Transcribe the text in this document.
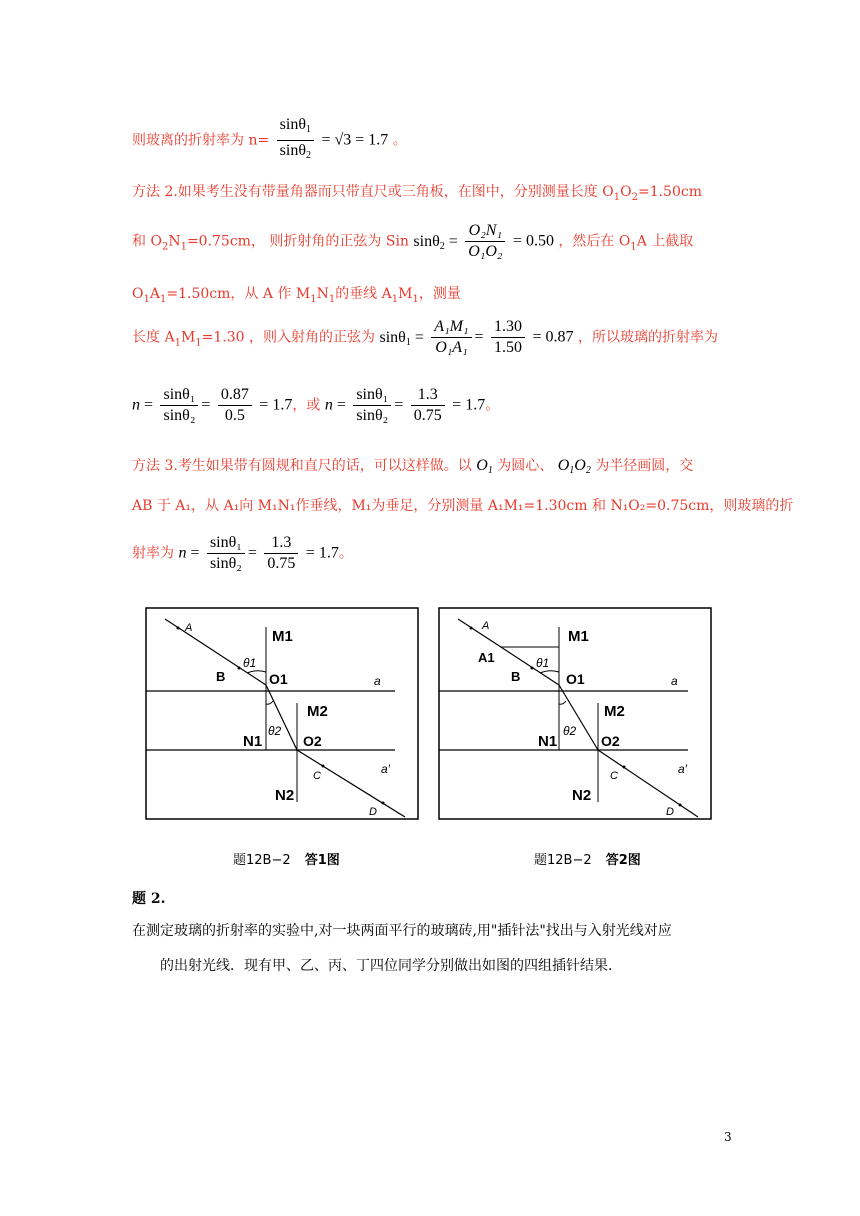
则玻离的折射率为 $n= \frac{\sin\theta_1}{\sin\theta_2} = √3 = 1.7$ 。
方法 2.如果考生没有带量角器而只带直尺或三角板，在图中，分别测量长度 $O_1O_2=1.50cm$
和 $O_2N_1=0.75cm$， 则折射角的正弦为 Sin $\sin\theta_2 = \frac{\text{O₂N₁}}{\text{O₁O₂}} = 0.50$ ，然后在 $O_1A$ 上截取
$O_1A_1=1.50cm$，从 A 作 $M_1N_1$的垂线 $A_1M_1$，测量
长度 $A_1M_1=1.30$ ，则入射角的正弦为 $\sin\theta_1 = \frac{\text{A₁M₁}}{\text{O₁A₁}} = \frac{1.30}{1.50} = 0.87$ ，所以玻璃的折射率为
$n = \frac{\text{sinθ₁}}{\text{sinθ₂}} = \frac{0.87}{0.5} = 1.7$，或 $n = \frac{\text{sinθ₁}}{\text{sinθ₂}} = \frac{1.3}{0.75} = 1.7$。
方法 3.考生如果带有圆规和直尺的话，可以这样做。以 $O_1$ 为圆心、 $O_1O_2$ 为半径画圆，交
AB 于 A₁，从 A₁向 M₁N₁作垂线，M₁为垂足，分别测量 A₁M₁=1.30cm 和 N₁O₂=0.75cm，则玻璃的折
射率为 $n = \frac{\text{sinθ₁}}{\text{sinθ₂}} = \frac{1.3}{0.75} = 1.7$。
A
B
M1
θ1
O1	a
M2
N1
θ2
O2
a′
C
N2
D
A
A1
B
M1
θ1
O1	a
M2
N1
θ2
O2
a′
C
N2
D
题12B−2 答1图	题12B−2 答2图
题 2.
在测定玻璃的折射率的实验中,对一块两面平行的玻璃砖,用"插针法"找出与入射光线对应
的出射光线．现有甲、乙、丙、丁四位同学分别做出如图的四组插针结果．
3
